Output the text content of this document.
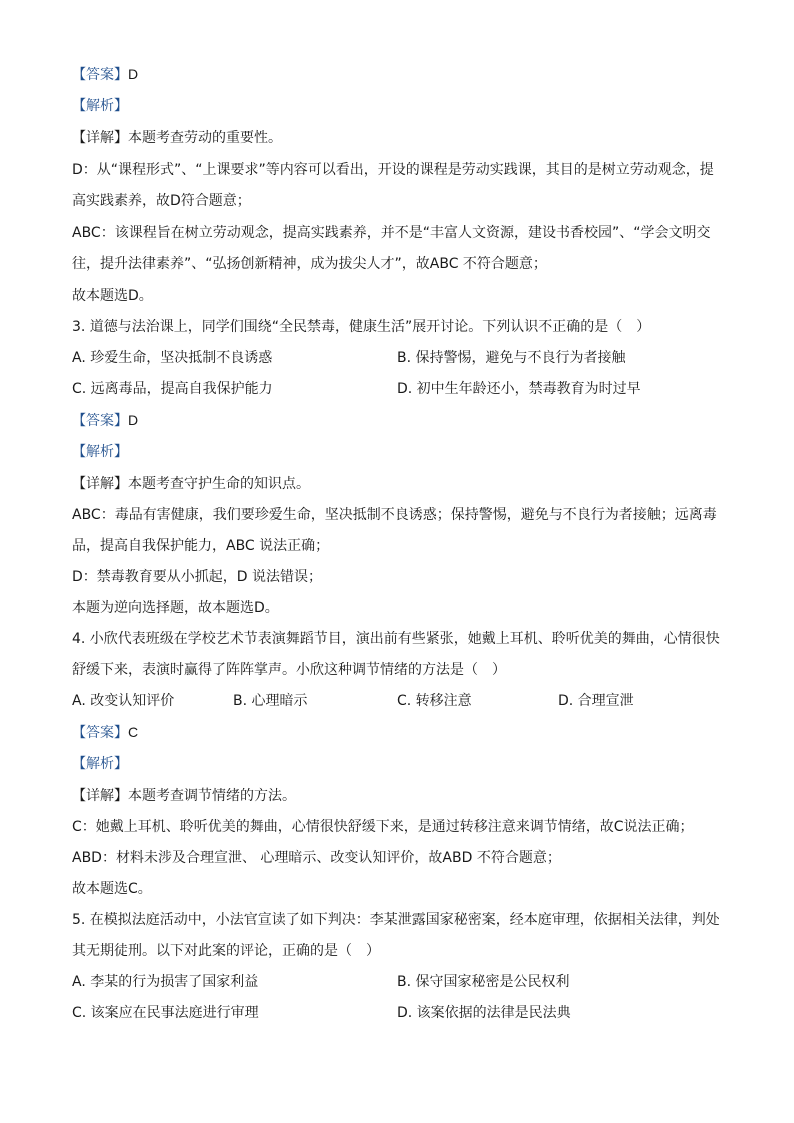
【答案】D
【解析】
【详解】本题考查劳动的重要性。
D：从“课程形式”、“上课要求”等内容可以看出，开设的课程是劳动实践课，其目的是树立劳动观念，提
高实践素养，故D符合题意；
ABC：该课程旨在树立劳动观念，提高实践素养，并不是“丰富人文资源，建设书香校园”、“学会文明交
往，提升法律素养”、“弘扬创新精神，成为拔尖人才”，故ABC 不符合题意；
故本题选D。
3. 道德与法治课上，同学们围绕“全民禁毒，健康生活”展开讨论。下列认识不正确的是（　）
A. 珍爱生命，坚决抵制不良诱惑	B. 保持警惕，避免与不良行为者接触
C. 远离毒品，提高自我保护能力	D. 初中生年龄还小，禁毒教育为时过早
【答案】D
【解析】
【详解】本题考查守护生命的知识点。
ABC：毒品有害健康，我们要珍爱生命，坚决抵制不良诱惑；保持警惕，避免与不良行为者接触；远离毒
品，提高自我保护能力，ABC 说法正确；
D：禁毒教育要从小抓起，D 说法错误；
本题为逆向选择题，故本题选D。
4. 小欣代表班级在学校艺术节表演舞蹈节目，演出前有些紧张，她戴上耳机、聆听优美的舞曲，心情很快
舒缓下来，表演时赢得了阵阵掌声。小欣这种调节情绪的方法是（　）
A. 改变认知评价	B. 心理暗示	C. 转移注意	D. 合理宣泄
【答案】C
【解析】
【详解】本题考查调节情绪的方法。
C：她戴上耳机、聆听优美的舞曲，心情很快舒缓下来，是通过转移注意来调节情绪，故C说法正确；
ABD：材料未涉及合理宣泄、 心理暗示、改变认知评价，故ABD 不符合题意；
故本题选C。
5. 在模拟法庭活动中，小法官宣读了如下判决：李某泄露国家秘密案，经本庭审理，依据相关法律，判处
其无期徒刑。以下对此案的评论，正确的是（　）
A. 李某的行为损害了国家利益	B. 保守国家秘密是公民权利
C. 该案应在民事法庭进行审理	D. 该案依据的法律是民法典
